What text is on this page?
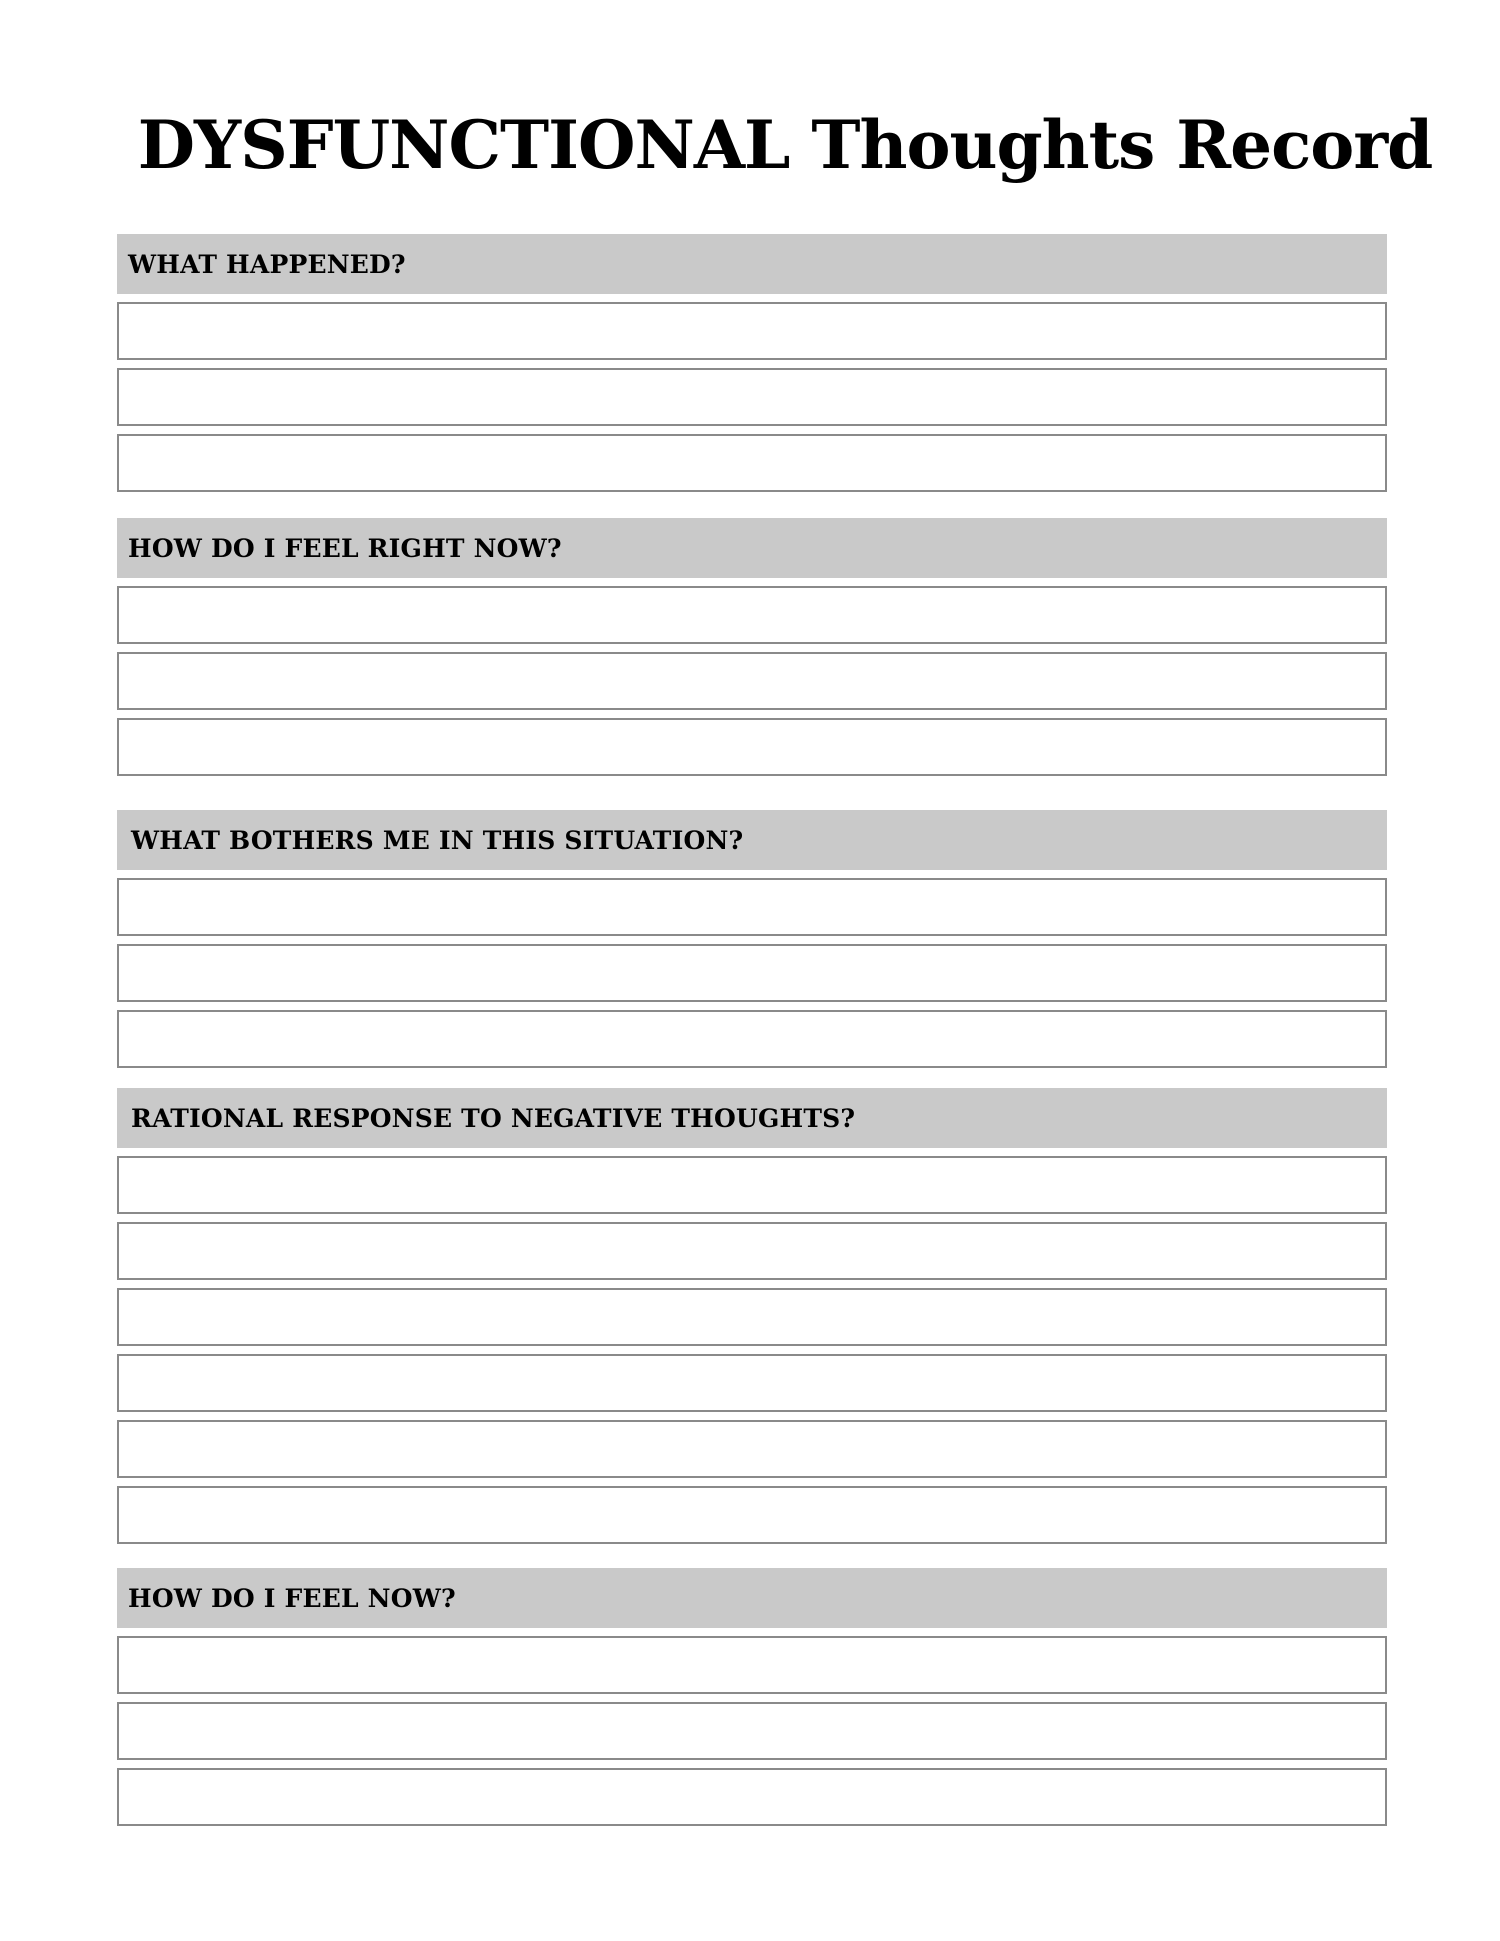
DYSFUNCTIONAL Thoughts Record
WHAT HAPPENED?
HOW DO I FEEL RIGHT NOW?
WHAT BOTHERS ME IN THIS SITUATION?
RATIONAL RESPONSE TO NEGATIVE THOUGHTS?
HOW DO I FEEL NOW?
